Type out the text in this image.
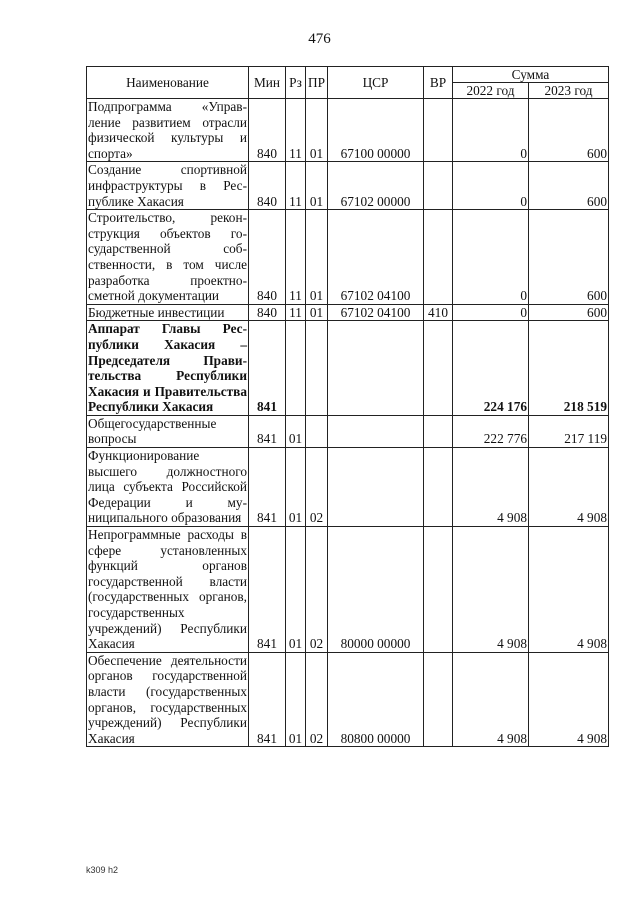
476
Наименование	Мин	Рз	ПР	ЦСР	ВР	Сумма	
						2022 год	2023 год
Подпрограмма «Управление развитием отрасли физической культуры и спорта»	840	11	01	67100 00000		0	600
Создание спортивной инфраструктуры в Республике Хакасия	840	11	01	67102 00000		0	600
Строительство, реконструкция объектов государственной собственности, в том числе разработка проектносметной документации	840	11	01	67102 04100		0	600
Бюджетные инвестиции	840	11	01	67102 04100	410	0	600
Аппарат Главы Республики Хакасия – Председателя Правительства Республики Хакасия и Правительства Республики Хакасия	841					224 176	218 519
Общегосударственные вопросы	841	01				222 776	217 119
Функционирование высшего должностного лица субъекта Российской Федерации и муниципального образования	841	01	02			4 908	4 908
Непрограммные расходы в сфере установленных функций органов государственной власти (государственных органов, государственных учреждений) Республики Хакасия	841	01	02	80000 00000		4 908	4 908
Обеспечение деятельности органов государственной власти (государственных органов, государственных учреждений) Республики Хакасия	841	01	02	80800 00000		4 908	4 908
k309 h2
